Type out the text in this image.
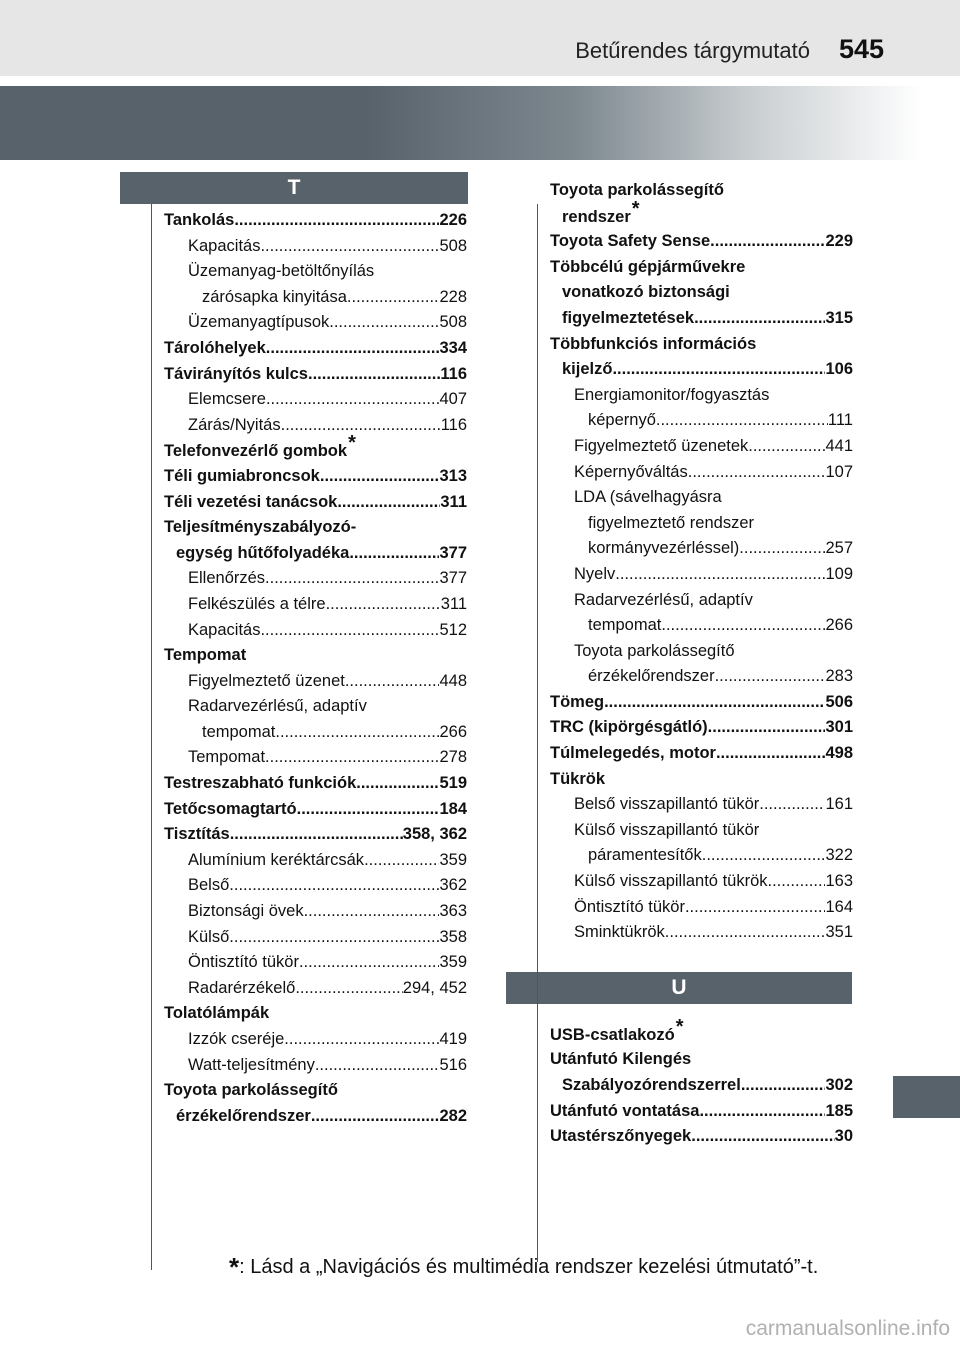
Betűrendes tárgymutató 545
T
U
Tankolás .....	226
Kapacitás .....	508
Üzemanyag-betöltőnyílás
zárósapka kinyitása .....	228
Üzemanyagtípusok .....	508
Tárolóhelyek .....	334
Távirányítós kulcs .....	116
Elemcsere .....	407
Zárás/Nyitás .....	116
Telefonvezérlő gombok *
Téli gumiabroncsok .....	313
Téli vezetési tanácsok .....	311
Teljesítményszabályozó-
egység hűtőfolyadéka .....	377
Ellenőrzés .....	377
Felkészülés a télre .....	311
Kapacitás .....	512
Tempomat
Figyelmeztető üzenet .....	448
Radarvezérlésű, adaptív
tempomat .....	266
Tempomat .....	278
Testreszabható funkciók .....	519
Tetőcsomagtartó .....	184
Tisztítás .....	358, 362
Alumínium keréktárcsák .....	359
Belső .....	362
Biztonsági övek .....	363
Külső .....	358
Öntisztító tükör .....	359
Radarérzékelő .....	294, 452
Tolatólámpák
Izzók cseréje .....	419
Watt-teljesítmény .....	516
Toyota parkolássegítő
érzékelőrendszer .....	282
Toyota parkolássegítő
rendszer *
Toyota Safety Sense .....	229
Többcélú gépjárművekre
vonatkozó biztonsági
figyelmeztetések .....	315
Többfunkciós információs
kijelző .....	106
Energiamonitor/fogyasztás
képernyő .....	111
Figyelmeztető üzenetek .....	441
Képernyőváltás .....	107
LDA (sávelhagyásra
figyelmeztető rendszer
kormányvezérléssel) .....	257
Nyelv .....	109
Radarvezérlésű, adaptív
tempomat .....	266
Toyota parkolássegítő
érzékelőrendszer .....	283
Tömeg .....	506
TRC (kipörgésgátló) .....	301
Túlmelegedés, motor .....	498
Tükrök
Belső visszapillantó tükör .....	161
Külső visszapillantó tükör
páramentesítők .....	322
Külső visszapillantó tükrök .....	163
Öntisztító tükör .....	164
Sminktükrök .....	351
USB-csatlakozó *
Utánfutó Kilengés
Szabályozórendszerrel .....	302
Utánfutó vontatása .....	185
Utastérszőnyegek .....	30
*: Lásd a „Navigációs és multimédia rendszer kezelési útmutató”-t.
carmanualsonline.info
